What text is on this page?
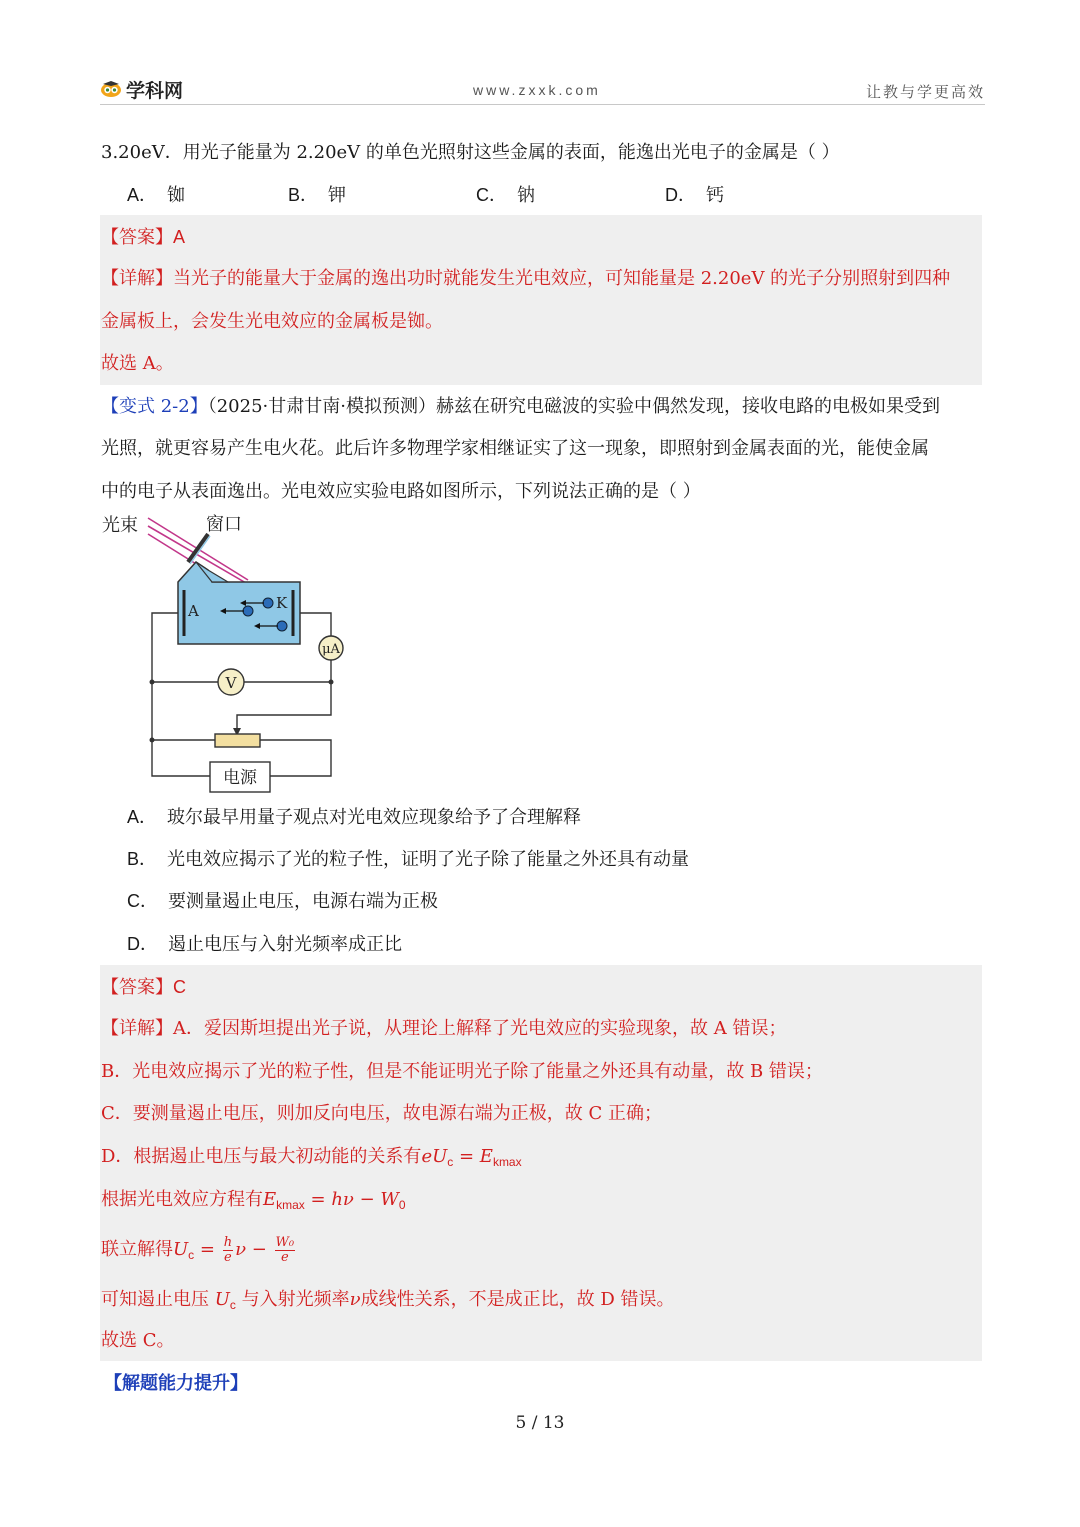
学科网	www.zxxk.com	让教与学更高效
3.20eV．用光子能量为 2.20eV 的单色光照射这些金属的表面，能逸出光电子的金属是（ ）
A． 铷	B． 钾	C． 钠	D． 钙
【答案】A
【详解】当光子的能量大于金属的逸出功时就能发生光电效应，可知能量是 2.20eV 的光子分别照射到四种
金属板上，会发生光电效应的金属板是铷。
故选 A。
【变式 2-2】（2025·甘肃甘南·模拟预测）赫兹在研究电磁波的实验中偶然发现，接收电路的电极如果受到
光照，就更容易产生电火花。此后许多物理学家相继证实了这一现象，即照射到金属表面的光，能使金属
中的电子从表面逸出。光电效应实验电路如图所示，下列说法正确的是（ ）
光束	窗口
A	K
μA
V
电源
A． 玻尔最早用量子观点对光电效应现象给予了合理解释
B． 光电效应揭示了光的粒子性，证明了光子除了能量之外还具有动量
C． 要测量遏止电压，电源右端为正极
D． 遏止电压与入射光频率成正比
【答案】C
【详解】A．爱因斯坦提出光子说，从理论上解释了光电效应的实验现象，故 A 错误；
B．光电效应揭示了光的粒子性，但是不能证明光子除了能量之外还具有动量，故 B 错误；
C．要测量遏止电压，则加反向电压，故电源右端为正极，故 C 正确；
D．根据遏止电压与最大初动能的关系有$eU_c = E_{kmax}$
根据光电效应方程有$E_{kmax} = h\nu - W_0$
联立解得$U_c = \frac{h}{e}$ $\nu - \frac{\text{W₀}}{e}$
可知遏止电压 $U_c$ 与入射光频率ν成线性关系，不是成正比，故 D 错误。
故选 C。
【解题能力提升】
5 / 13
